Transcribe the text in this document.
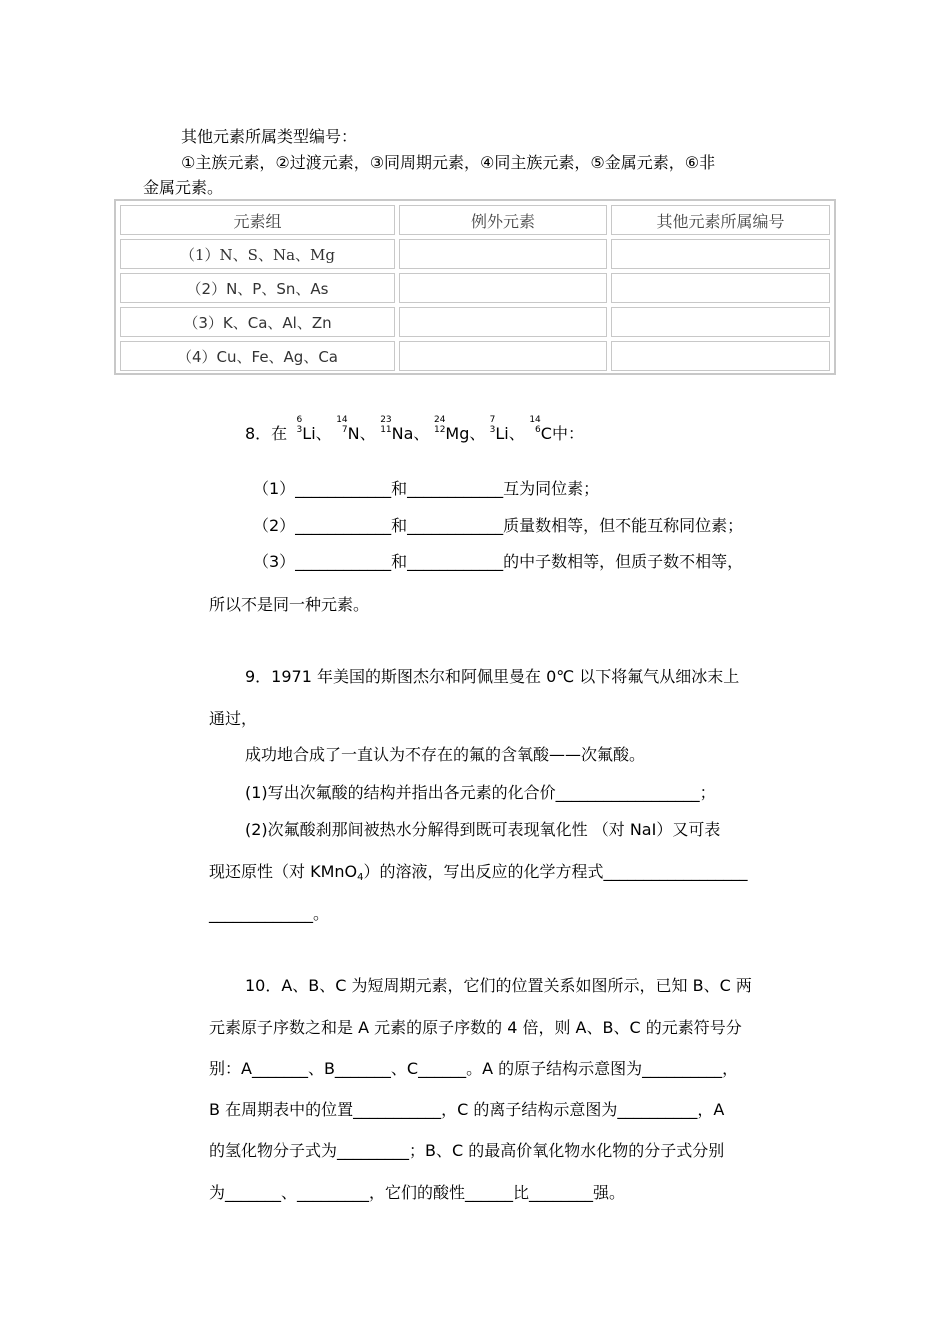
其他元素所属类型编号：
①主族元素，②过渡元素，③同周期元素，④同主族元素，⑤金属元素，⑥非
金属元素。
元素组	例外元素	其他元素所属编号
（1）N、S、Na、Mg
（2）N、P、Sn、As
（3）K、Ca、Al、Zn
（4）Cu、Fe、Ag、Ca
8．在
6
3 Li、
14
7 N、
23
11 Na、
24
12 Mg、
7
3 Li、
14
6 C中：
（1）____________和____________互为同位素；
（2）____________和____________质量数相等，但不能互称同位素；
（3）____________和____________的中子数相等，但质子数不相等，
所以不是同一种元素。
9．1971 年美国的斯图杰尔和阿佩里曼在 0℃ 以下将氟气从细冰末上
通过，
成功地合成了一直认为不存在的氟的含氧酸——次氟酸。
(1)写出次氟酸的结构并指出各元素的化合价__________________；
(2)次氟酸刹那间被热水分解得到既可表现氧化性 （对 NaI）又可表
现还原性（对 KMnO$_4$）的溶液，写出反应的化学方程式__________________
_____________。
10．A、B、C 为短周期元素，它们的位置关系如图所示，已知 B、C 两
元素原子序数之和是 A 元素的原子序数的 4 倍，则 A、B、C 的元素符号分
别：A_______、B_______、C______。A 的原子结构示意图为__________，
B 在周期表中的位置___________，C 的离子结构示意图为__________，A
的氢化物分子式为_________；B、C 的最高价氧化物水化物的分子式分别
为_______、_________，它们的酸性______比________强。
